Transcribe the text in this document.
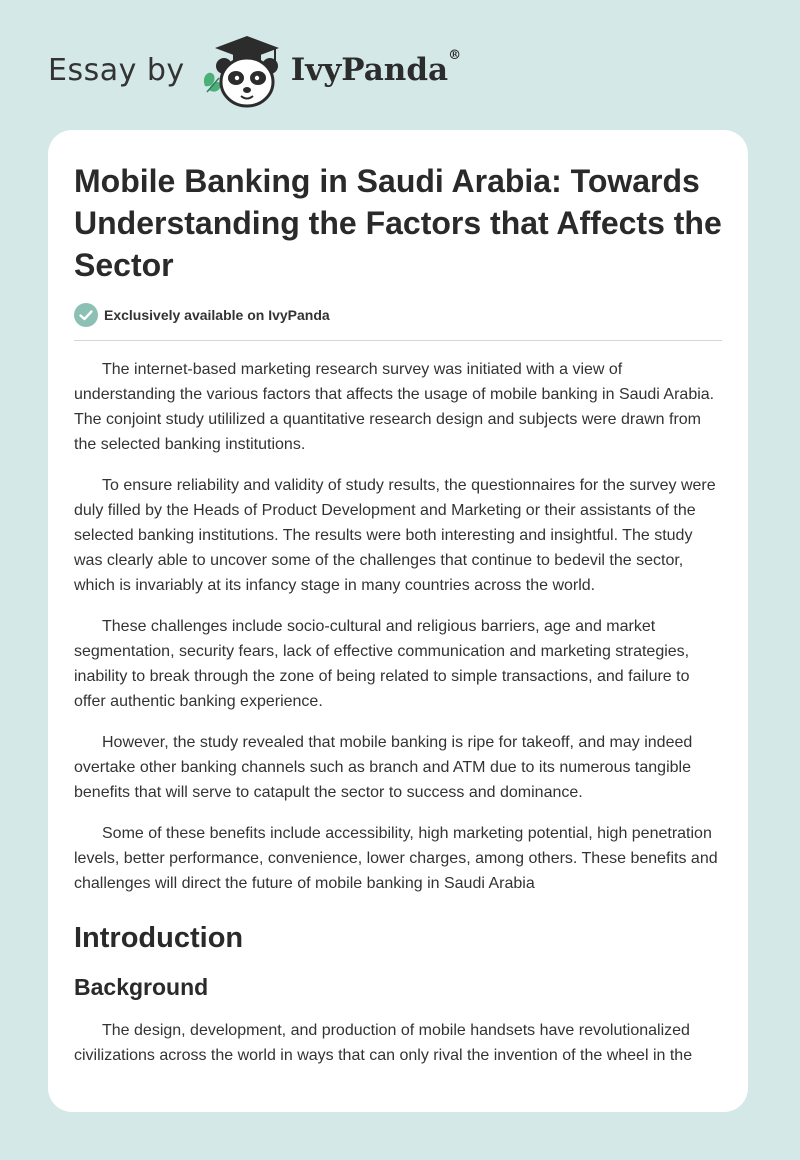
Essay by	IvyPanda®
Mobile Banking in Saudi Arabia: Towards Understanding the Factors that Affects the Sector
Exclusively available on IvyPanda

The internet-based marketing research survey was initiated with a view of understanding the various factors that affects the usage of mobile banking in Saudi Arabia. The conjoint study utililized a quantitative research design and subjects were drawn from the selected banking institutions.

To ensure reliability and validity of study results, the questionnaires for the survey were duly filled by the Heads of Product Development and Marketing or their assistants of the selected banking institutions. The results were both interesting and insightful. The study was clearly able to uncover some of the challenges that continue to bedevil the sector, which is invariably at its infancy stage in many countries across the world.

These challenges include socio-cultural and religious barriers, age and market segmentation, security fears, lack of effective communication and marketing strategies, inability to break through the zone of being related to simple transactions, and failure to offer authentic banking experience.

However, the study revealed that mobile banking is ripe for takeoff, and may indeed overtake other banking channels such as branch and ATM due to its numerous tangible benefits that will serve to catapult the sector to success and dominance.

Some of these benefits include accessibility, high marketing potential, high penetration levels, better performance, convenience, lower charges, among others. These benefits and challenges will direct the future of mobile banking in Saudi Arabia

Introduction
Background

The design, development, and production of mobile handsets have revolutionalized civilizations across the world in ways that can only rival the invention of the wheel in the
